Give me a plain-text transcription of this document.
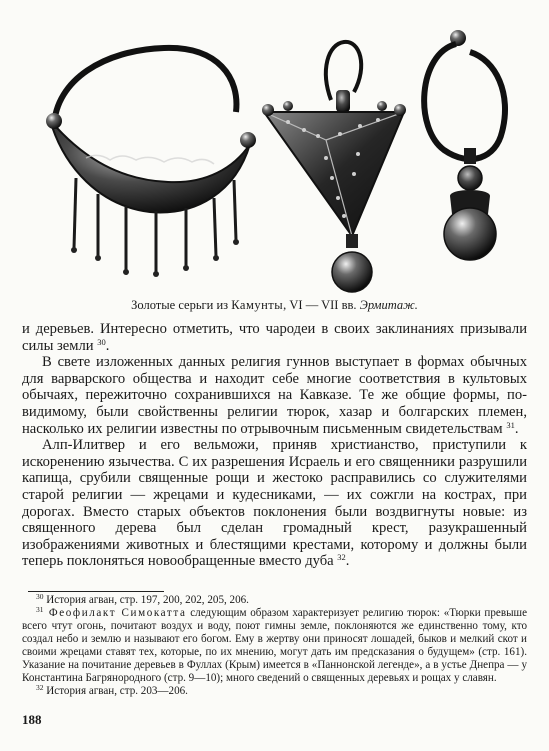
Золотые серьги из Камунты, VI — VII вв. Эрмитаж.

и деревьев. Интересно отметить, что чародеи в своих заклинаниях призывали силы земли $^{30}$.

В свете изложенных данных религия гуннов выступает в формах обычных для варварского общества и находит себе многие соответствия в культовых обычаях, пережиточно сохранившихся на Кавказе. Те же общие формы, по-видимому, были свойственны религии тюрок, хазар и болгарских племен, насколько их религии известны по отрывочным письменным свидетельствам $^{31}$.

Алп-Илитвер и его вельможи, приняв христианство, приступили к искоренению язычества. С их разрешения Исраель и его священники разрушили капища, срубили священные рощи и жестоко расправились со служителями старой религии — жрецами и кудесниками, — их сожгли на кострах, при дорогах. Вместо старых объектов поклонения были воздвигнуты новые: из священного дерева был сделан громадный крест, разукрашенный изображениями животных и блестящими крестами, которому и должны были теперь поклоняться новообращенные вместо дуба $^{32}$.

$^{30}$ История агван, стр. 197, 200, 202, 205, 206.

$^{31}$ Феофилакт Симокатта следующим образом характеризует религию тюрок: «Тюрки превыше всего чтут огонь, почитают воздух и воду, поют гимны земле, поклоняются же единственно тому, кто создал небо и землю и называют его богом. Ему в жертву они приносят лошадей, быков и мелкий скот и своими жрецами ставят тех, которые, по их мнению, могут дать им предсказания о будущем» (стр. 161). Указание на почитание деревьев в Фуллах (Крым) имеется в «Паннонской легенде», а в устье Днепра — у Константина Багрянородного (стр. 9—10); много сведений о священных деревьях и рощах у славян.

$^{32}$ История агван, стр. 203—206.

188
